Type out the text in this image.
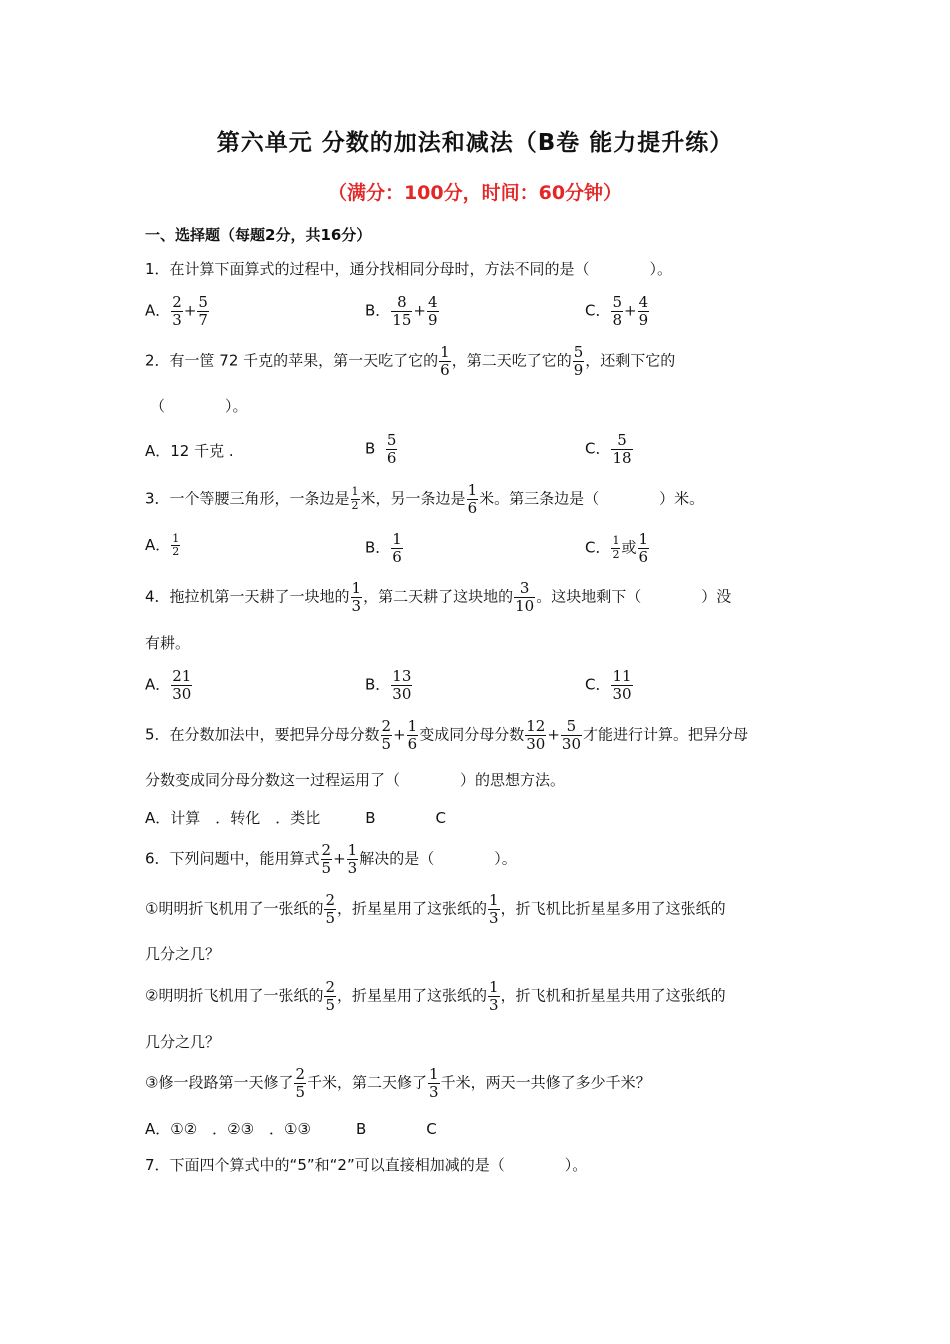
第六单元 分数的加法和减法（B卷 能力提升练）
（满分：100分，时间：60分钟）
一、选择题（每题2分，共16分）
1．在计算下面算式的过程中，通分找相同分母时，方法不同的是（　　　　）。
A． $\frac{2}{3} + \frac{5}{7}$	B． $\frac{8}{15} + \frac{4}{9}$	C． $\frac{5}{8} + \frac{4}{9}$
2．有一筐 72 千克的苹果，第一天吃了它的 $\frac{1}{6}$ ，第二天吃了它的 $\frac{5}{9}$ ，还剩下它的
（　　　　）。
A．12 千克 .	B $\frac{5}{6}$	C． $\frac{5}{18}$
3．一个等腰三角形，一条边是 $\frac{1}{2}$ 米，另一条边是 $\frac{1}{6}$ 米。第三条边是（　　　　）米。
A． $\frac{1}{2}$	B． $\frac{1}{6}$	C． $\frac{1}{2}$ 或 $\frac{1}{6}$
4．拖拉机第一天耕了一块地的 $\frac{1}{3}$ ，第二天耕了这块地的 $\frac{3}{10}$ 。这块地剩下（　　　　）没
有耕。
A． $\frac{21}{30}$	B． $\frac{13}{30}$	C． $\frac{11}{30}$
5．在分数加法中，要把异分母分数 $\frac{2}{5} + \frac{1}{6}$ 变成同分母分数 $\frac{12}{30} + \frac{5}{30}$ 才能进行计算。把异分母
分数变成同分母分数这一过程运用了（　　　　）的思想方法。
A．计算　．转化　．类比　　　B　　　　C
6．下列问题中，能用算式 $\frac{2}{5} + \frac{1}{3}$ 解决的是（　　　　）。
①明明折飞机用了一张纸的 $\frac{2}{5}$ ，折星星用了这张纸的 $\frac{1}{3}$ ，折飞机比折星星多用了这张纸的
几分之几？
②明明折飞机用了一张纸的 $\frac{2}{5}$ ，折星星用了这张纸的 $\frac{1}{3}$ ，折飞机和折星星共用了这张纸的
几分之几？
③修一段路第一天修了 $\frac{2}{5}$ 千米，第二天修了 $\frac{1}{3}$ 千米，两天一共修了多少千米？
A．①②　．②③　．①③　　　B　　　　C
7．下面四个算式中的“5”和“2”可以直接相加减的是（　　　　）。
